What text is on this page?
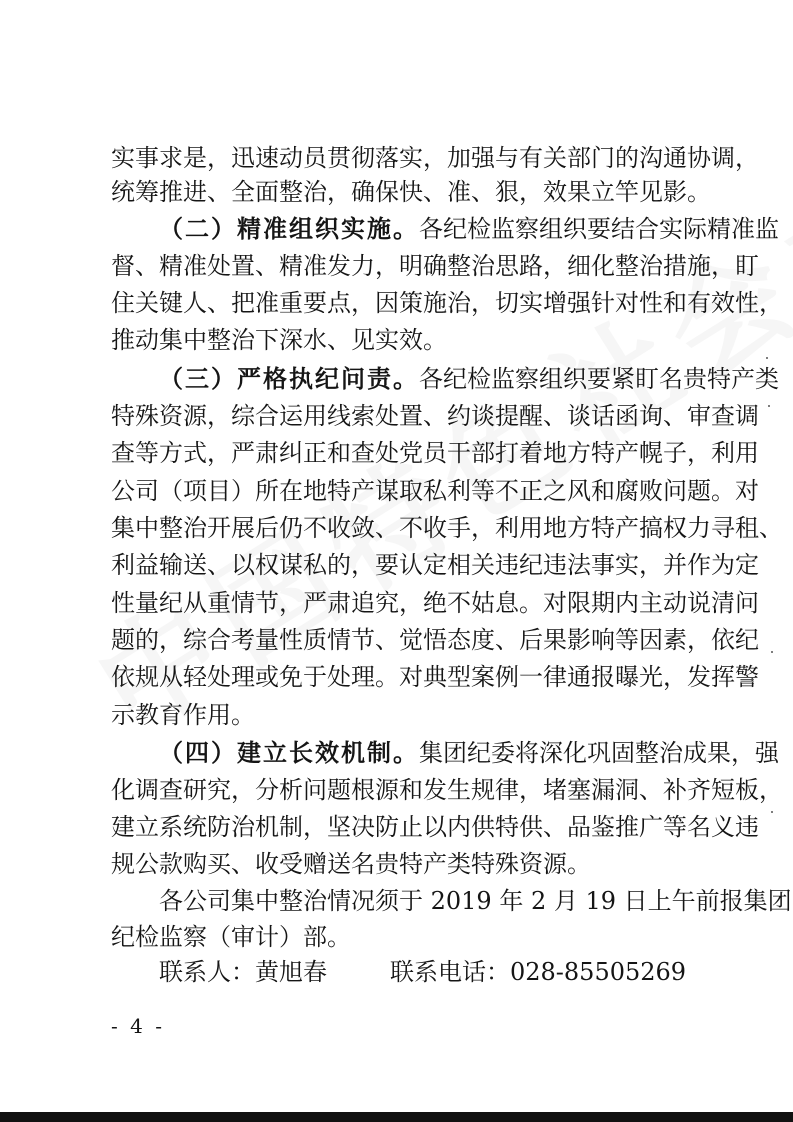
实事求是，迅速动员贯彻落实，加强与有关部门的沟通协调，
统筹推进、全面整治，确保快、准、狠，效果立竿见影。
（二）精准组织实施。各纪检监察组织要结合实际精准监
督、精准处置、精准发力，明确整治思路，细化整治措施，盯
住关键人、把准重要点，因策施治，切实增强针对性和有效性，
推动集中整治下深水、见实效。
（三）严格执纪问责。各纪检监察组织要紧盯名贵特产类
特殊资源，综合运用线索处置、约谈提醒、谈话函询、审查调
查等方式，严肃纠正和查处党员干部打着地方特产幌子，利用
公司（项目）所在地特产谋取私利等不正之风和腐败问题。对
集中整治开展后仍不收敛、不收手，利用地方特产搞权力寻租、
利益输送、以权谋私的，要认定相关违纪违法事实，并作为定
性量纪从重情节，严肃追究，绝不姑息。对限期内主动说清问
题的，综合考量性质情节、觉悟态度、后果影响等因素，依纪
依规从轻处理或免于处理。对典型案例一律通报曝光，发挥警
示教育作用。
（四）建立长效机制。集团纪委将深化巩固整治成果，强
化调查研究，分析问题根源和发生规律，堵塞漏洞、补齐短板，
建立系统防治机制，坚决防止以内供特供、品鉴推广等名义违
规公款购买、收受赠送名贵特产类特殊资源。
各公司集中整治情况须于 2019 年 2 月 19 日上午前报集团
纪检监察（审计）部。
联系人：黄旭春	联系电话：028-85505269
- 4 -
